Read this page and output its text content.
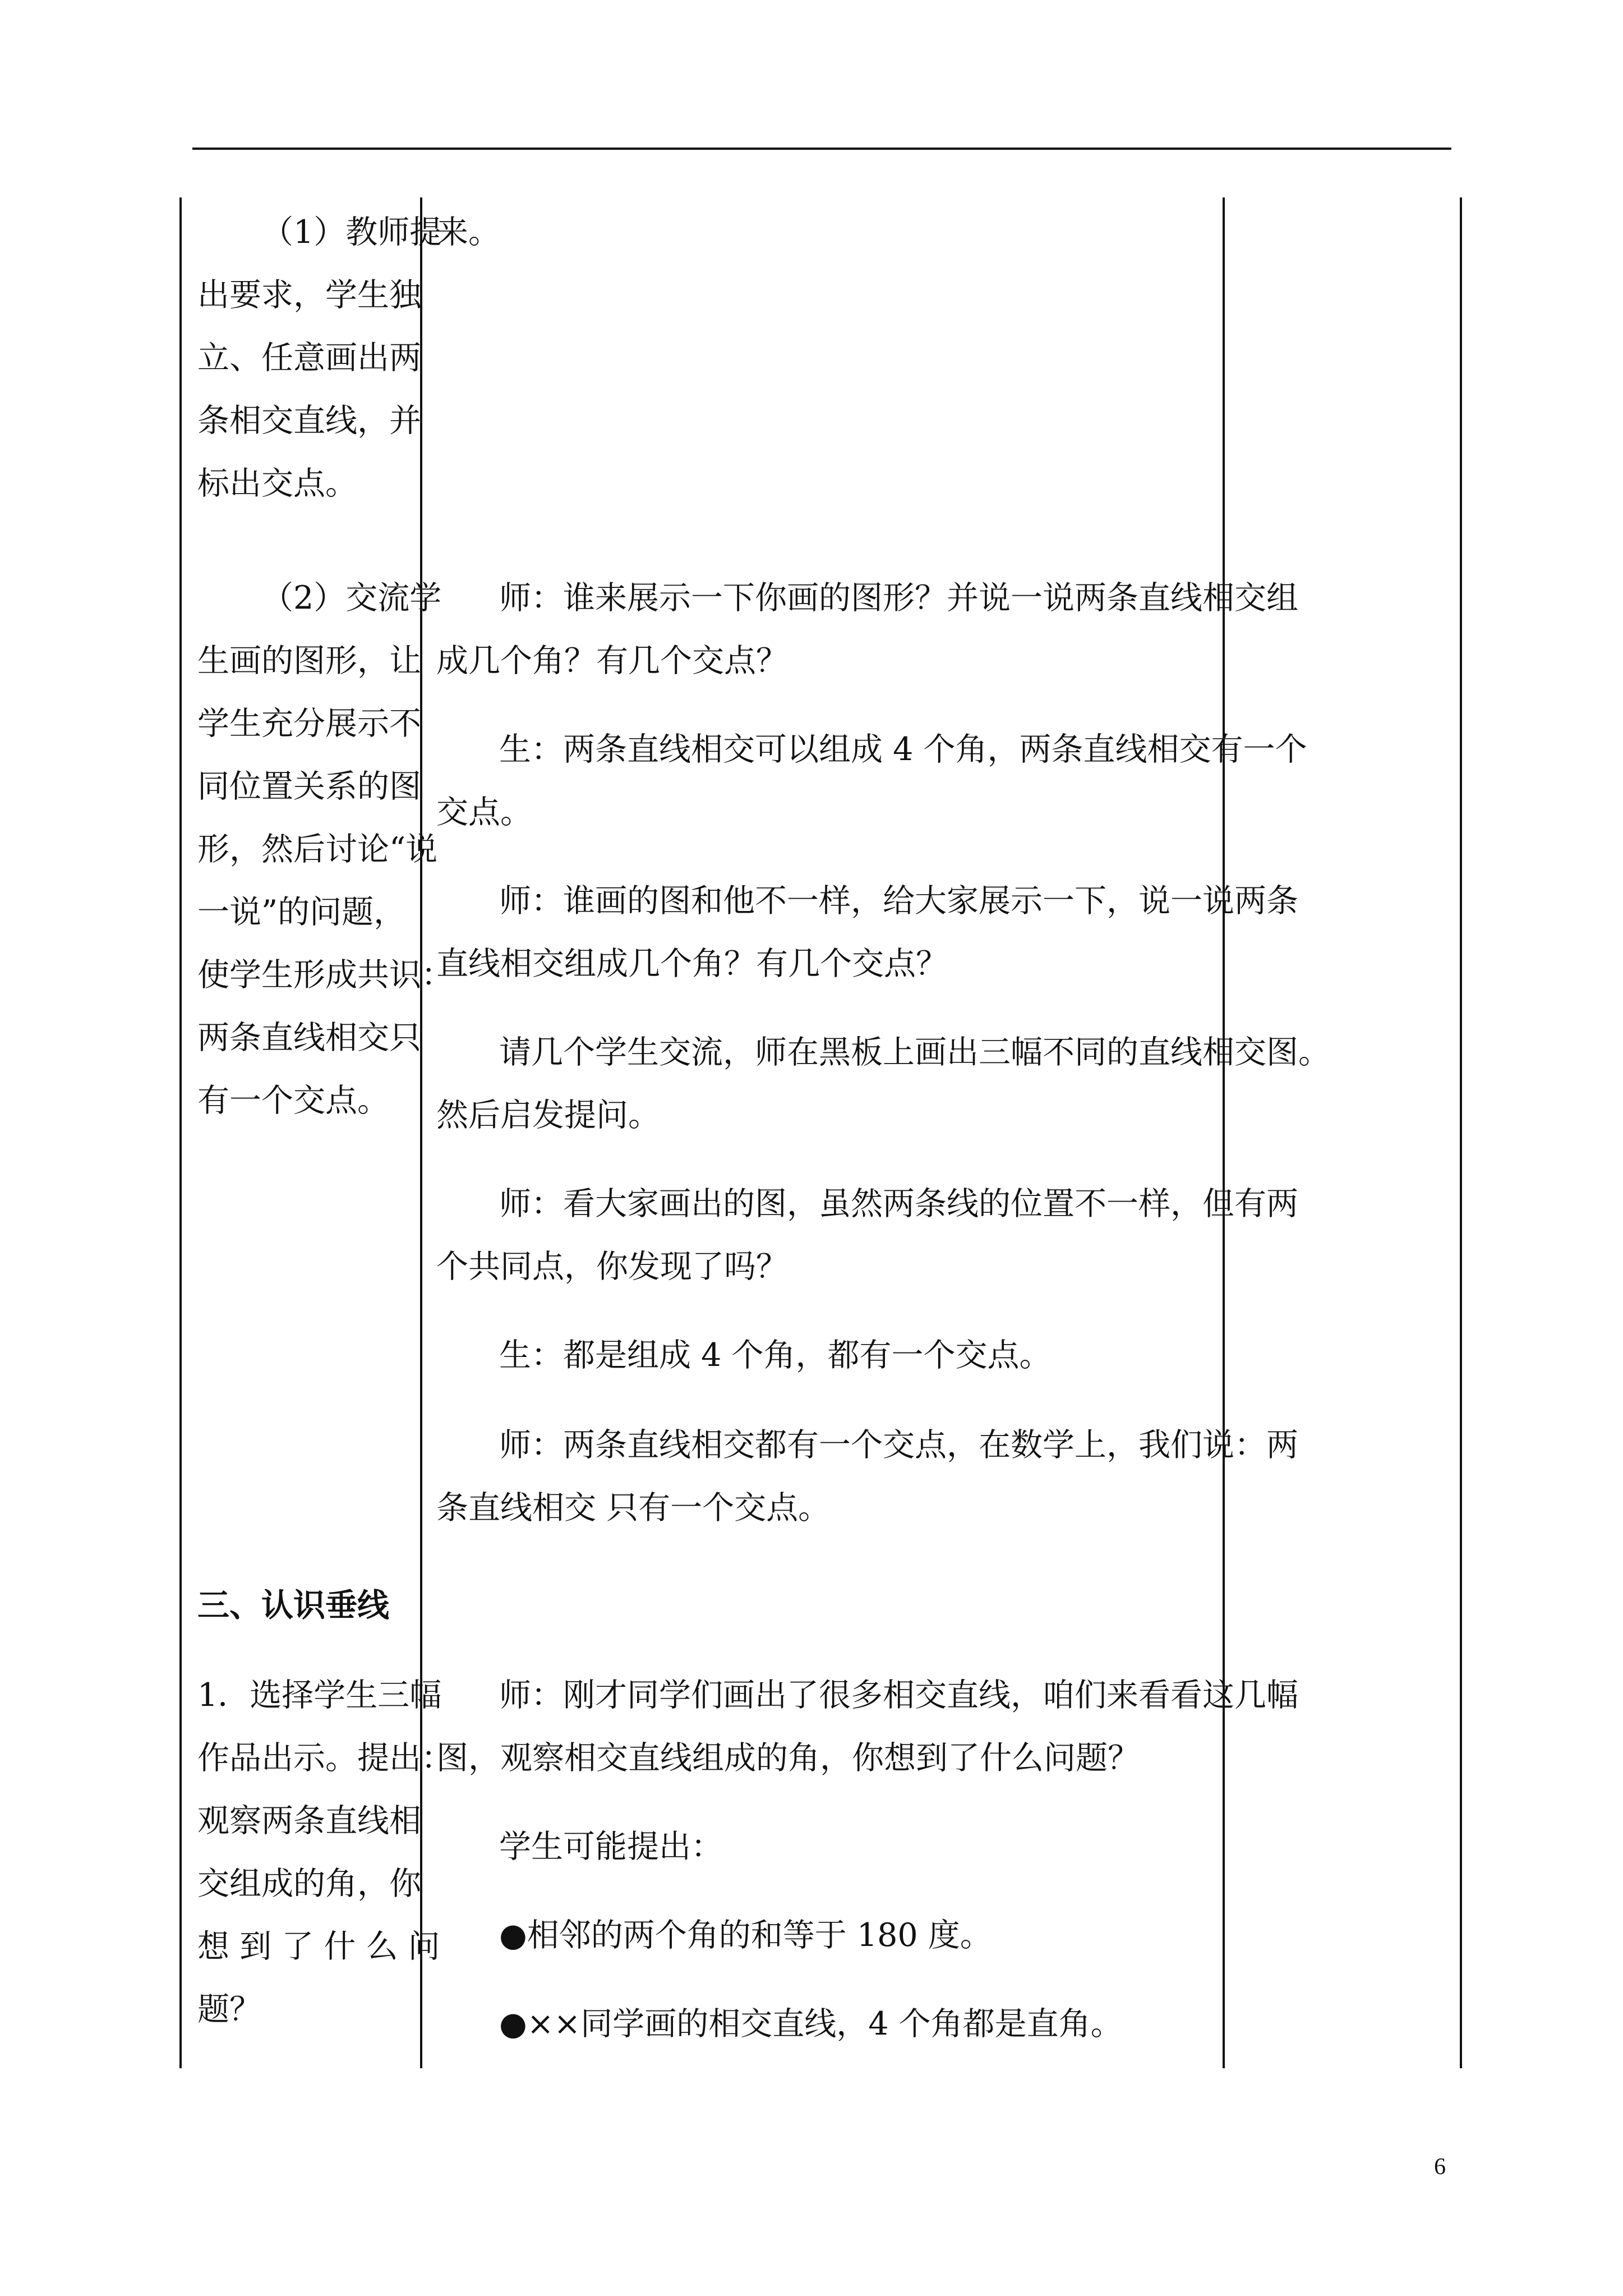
（1）教师提

出要求，学生独

立、任意画出两

条相交直线，并

标出交点。

（2）交流学

生画的图形，让

学生充分展示不

同位置关系的图

形，然后讨论“说

一说”的问题，

使学生形成共识：

两条直线相交只

有一个交点。

三、认识垂线

1．选择学生三幅

作品出示。提出：

观察两条直线相

交组成的角，你

想 到 了 什 么 问

题？

来。

师：谁来展示一下你画的图形？并说一说两条直线相交组

成几个角？有几个交点？

生：两条直线相交可以组成 4 个角，两条直线相交有一个

交点。

师：谁画的图和他不一样，给大家展示一下，说一说两条

直线相交组成几个角？有几个交点？

请几个学生交流，师在黑板上画出三幅不同的直线相交图。

然后启发提问。

师：看大家画出的图，虽然两条线的位置不一样，但有两

个共同点，你发现了吗？

生：都是组成 4 个角，都有一个交点。

师：两条直线相交都有一个交点，在数学上，我们说：两

条直线相交 只有一个交点。

师：刚才同学们画出了很多相交直线，咱们来看看这几幅

图，观察相交直线组成的角，你想到了什么问题？

学生可能提出：

●相邻的两个角的和等于 180 度。

●××同学画的相交直线，4 个角都是直角。

6
